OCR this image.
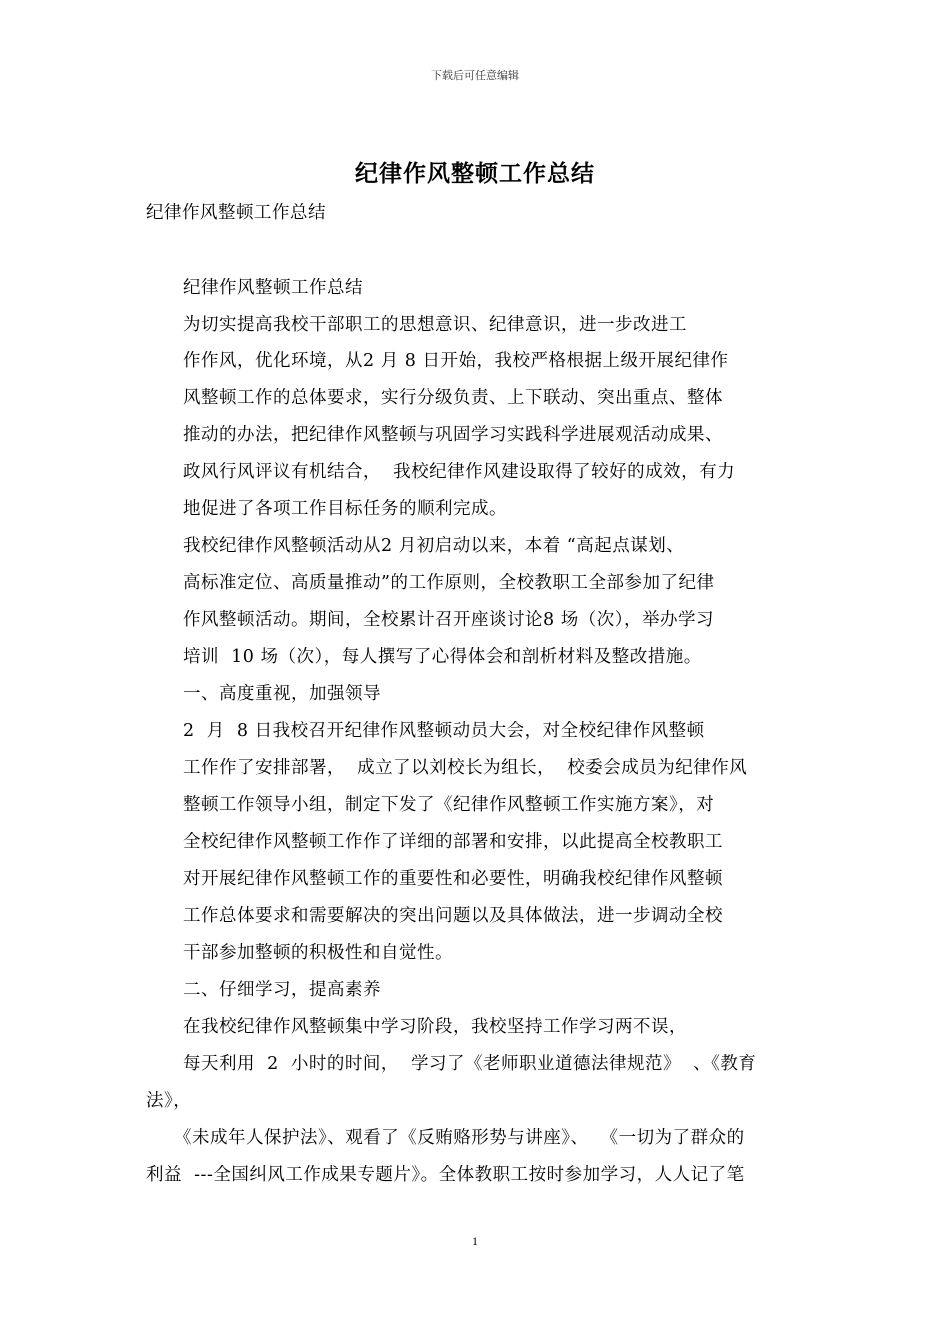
下载后可任意编辑
纪律作风整顿工作总结
纪律作风整顿工作总结
纪律作风整顿工作总结
为切实提高我校干部职工的思想意识、纪律意识，进一步改进工
作作风，优化环境，从2 月 8 日开始，我校严格根据上级开展纪律作
风整顿工作的总体要求，实行分级负责、上下联动、突出重点、整体
推动的办法，把纪律作风整顿与巩固学习实践科学进展观活动成果、
政风行风评议有机结合，  我校纪律作风建设取得了较好的成效，有力
地促进了各项工作目标任务的顺利完成。
我校纪律作风整顿活动从2 月初启动以来，本着 “高起点谋划、
高标准定位、高质量推动”的工作原则，全校教职工全部参加了纪律
作风整顿活动。期间，全校累计召开座谈讨论8 场（次），举办学习
培训  10 场（次），每人撰写了心得体会和剖析材料及整改措施。
一、高度重视，加强领导
2  月  8 日我校召开纪律作风整顿动员大会，对全校纪律作风整顿
工作作了安排部署，  成立了以刘校长为组长，  校委会成员为纪律作风
整顿工作领导小组，制定下发了《纪律作风整顿工作实施方案》，对
全校纪律作风整顿工作作了详细的部署和安排，以此提高全校教职工
对开展纪律作风整顿工作的重要性和必要性，明确我校纪律作风整顿
工作总体要求和需要解决的突出问题以及具体做法，进一步调动全校
干部参加整顿的积极性和自觉性。
二、仔细学习，提高素养
在我校纪律作风整顿集中学习阶段，我校坚持工作学习两不误，
每天利用  2  小时的时间，  学习了《老师职业道德法律规范》  、《教育
法》，
《未成年人保护法》、观看了《反贿赂形势与讲座》、  《一切为了群众的
利益  ---全国纠风工作成果专题片》。全体教职工按时参加学习，人人记了笔
1
